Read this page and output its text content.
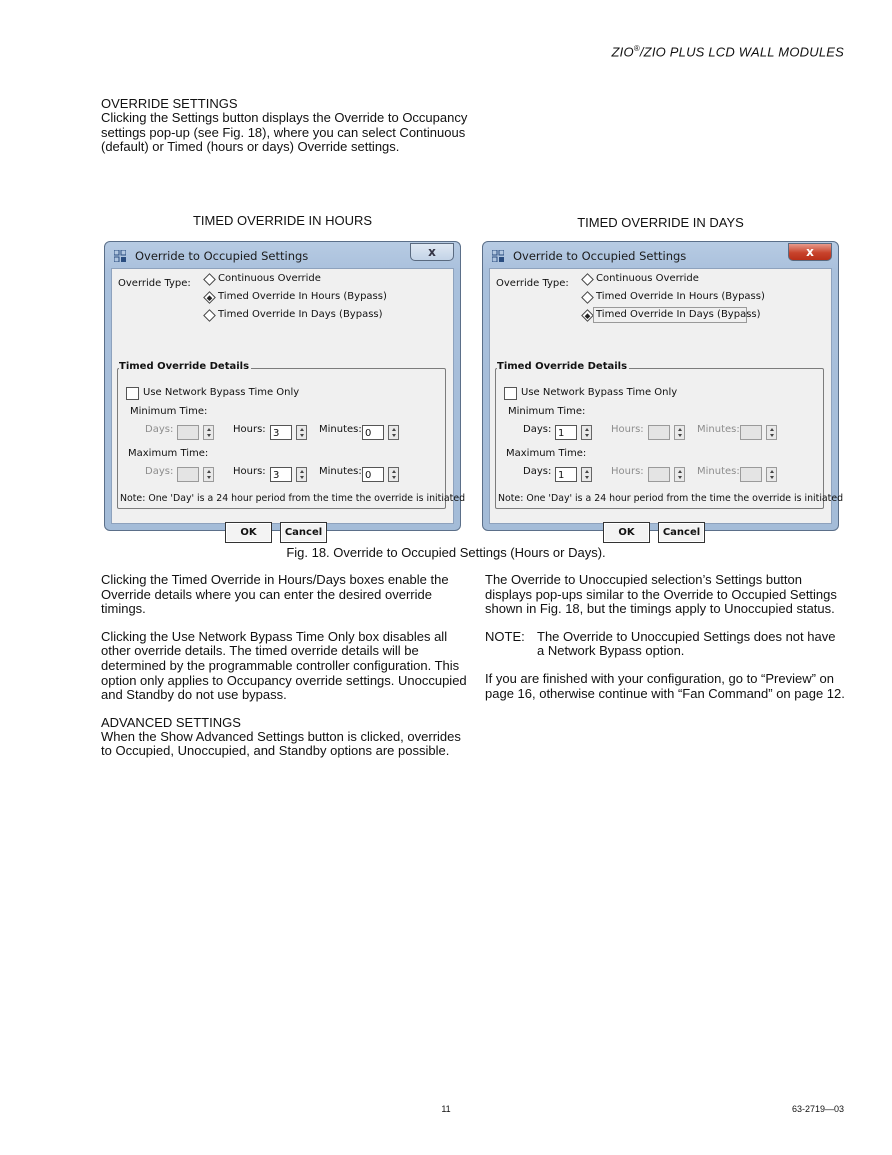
ZIO®/ZIO PLUS LCD WALL MODULES
OVERRIDE SETTINGS

Clicking the Settings button displays the Override to Occupancy settings pop-up (see Fig. 18), where you can select Continuous (default) or Timed (hours or days) Override settings.

TIMED OVERRIDE IN HOURS	TIMED OVERRIDE IN DAYS
Override to Occupied Settings	x
Override Type:	Continuous Override
Timed Override In Hours (Bypass)
Timed Override In Days (Bypass)
Timed Override Details
Use Network Bypass Time Only
Minimum Time:
Days:	Hours: 3	Minutes: 0
Maximum Time:
Days:	Hours: 3	Minutes: 0
Note: One 'Day' is a 24 hour period from the time the override is initiated
OK	Cancel
Override to Occupied Settings	x
Override Type:	Continuous Override
Timed Override In Hours (Bypass)
Timed Override In Days (Bypass)
Timed Override Details
Use Network Bypass Time Only
Minimum Time:
Days: 1	Hours:	Minutes:
Maximum Time:
Days: 1	Hours:	Minutes:
Note: One 'Day' is a 24 hour period from the time the override is initiated
OK	Cancel
Fig. 18. Override to Occupied Settings (Hours or Days).

Clicking the Timed Override in Hours/Days boxes enable the Override details where you can enter the desired override timings.

Clicking the Use Network Bypass Time Only box disables all other override details. The timed override details will be determined by the programmable controller configuration. This option only applies to Occupancy override settings. Unoccupied and Standby do not use bypass.

ADVANCED SETTINGS

When the Show Advanced Settings button is clicked, overrides to Occupied, Unoccupied, and Standby options are possible.

The Override to Unoccupied selection’s Settings button displays pop-ups similar to the Override to Occupied Settings shown in Fig. 18, but the timings apply to Unoccupied status.

NOTE: The Override to Unoccupied Settings does not have a Network Bypass option.

If you are finished with your configuration, go to “Preview” on page 16, otherwise continue with “Fan Command” on page 12.

11	63-2719—03
